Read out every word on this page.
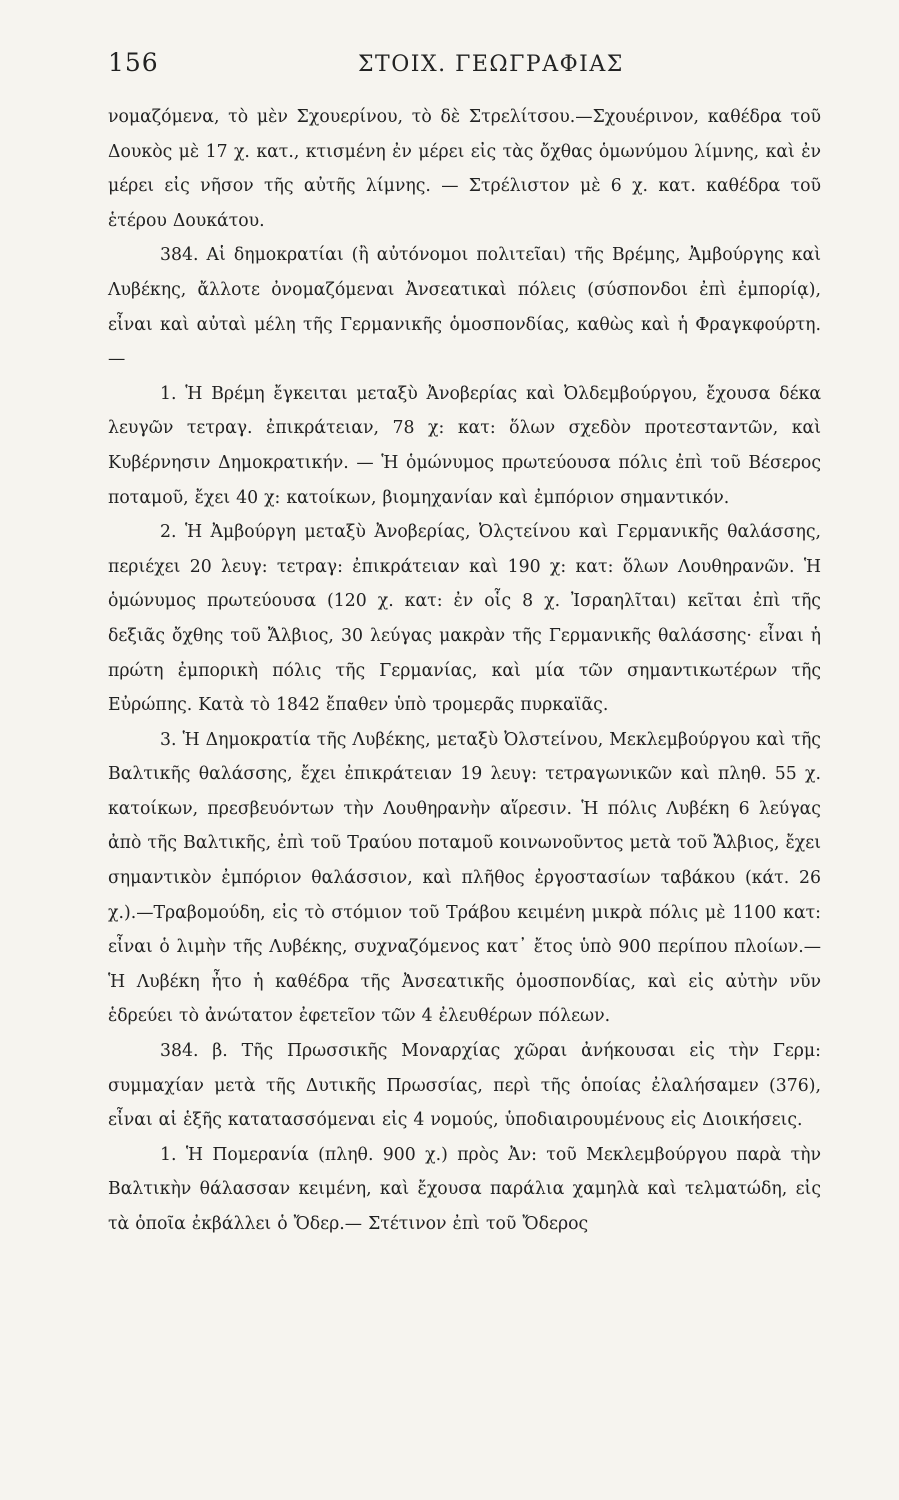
156	ΣΤΟΙΧ. ΓΕΩΓΡΑΦΙΑΣ

νομαζόμενα, τὸ μὲν Σχουερίνου, τὸ δὲ Στρελίτσου.—Σχουέρινον, καθέδρα τοῦ Δουκὸς μὲ 17 χ. κατ., κτισμένη ἐν μέρει εἰς τὰς ὄχθας ὁμωνύμου λίμνης, καὶ ἐν μέρει εἰς νῆσον τῆς αὐτῆς λίμνης. — Στρέλιστον μὲ 6 χ. κατ. καθέδρα τοῦ ἑτέρου Δουκάτου.

384. Αἱ δημοκρατίαι (ἢ αὐτόνομοι πολιτεῖαι) τῆς Βρέμης, Ἀμβούργης καὶ Λυβέκης, ἄλλοτε ὀνομαζόμεναι Ἀνσεατικαὶ πόλεις (σύσπονδοι ἐπὶ ἐμπορίᾳ), εἶναι καὶ αὐταὶ μέλη τῆς Γερμανικῆς ὁμοσπονδίας, καθὼς καὶ ἡ Φραγκφούρτη.—

1. Ἡ Βρέμη ἔγκειται μεταξὺ Ἀνοβερίας καὶ Ὀλδεμβούργου, ἔχουσα δέκα λευγῶν τετραγ. ἐπικράτειαν, 78 χ: κατ: ὅλων σχεδὸν προτεσταντῶν, καὶ Κυβέρνησιν Δημοκρατικήν. — Ἡ ὁμώνυμος πρωτεύουσα πόλις ἐπὶ τοῦ Βέσερος ποταμοῦ, ἔχει 40 χ: κατοίκων, βιομηχανίαν καὶ ἐμπόριον σημαντικόν.

2. Ἡ Ἀμβούργη μεταξὺ Ἀνοβερίας, Ὀλςτείνου καὶ Γερμανικῆς θαλάσσης, περιέχει 20 λευγ: τετραγ: ἐπικράτειαν καὶ 190 χ: κατ: ὅλων Λουθηρανῶν. Ἡ ὁμώνυμος πρωτεύουσα (120 χ. κατ: ἐν οἷς 8 χ. Ἰσραηλῖται) κεῖται ἐπὶ τῆς δεξιᾶς ὄχθης τοῦ Ἄλβιος, 30 λεύγας μακρὰν τῆς Γερμανικῆς θαλάσσης· εἶναι ἡ πρώτη ἐμπορικὴ πόλις τῆς Γερμανίας, καὶ μία τῶν σημαντικωτέρων τῆς Εὐρώπης. Κατὰ τὸ 1842 ἔπαθεν ὑπὸ τρομερᾶς πυρκαϊᾶς.

3. Ἡ Δημοκρατία τῆς Λυβέκης, μεταξὺ Ὀλστείνου, Μεκλεμβούργου καὶ τῆς Βαλτικῆς θαλάσσης, ἔχει ἐπικράτειαν 19 λευγ: τετραγωνικῶν καὶ πληθ. 55 χ. κατοίκων, πρεσβευόντων τὴν Λουθηρανὴν αἵρεσιν. Ἡ πόλις Λυβέκη 6 λεύγας ἀπὸ τῆς Βαλτικῆς, ἐπὶ τοῦ Τραύου ποταμοῦ κοινωνοῦντος μετὰ τοῦ Ἄλβιος, ἔχει σημαντικὸν ἐμπόριον θαλάσσιον, καὶ πλῆθος ἐργοστασίων ταβάκου (κάτ. 26 χ.).—Τραβομούδη, εἰς τὸ στόμιον τοῦ Τράβου κειμένη μικρὰ πόλις μὲ 1100 κατ: εἶναι ὁ λιμὴν τῆς Λυβέκης, συχναζόμενος κατ᾽ ἔτος ὑπὸ 900 περίπου πλοίων.— Ἡ Λυβέκη ἦτο ἡ καθέδρα τῆς Ἀνσεατικῆς ὁμοσπονδίας, καὶ εἰς αὐτὴν νῦν ἑδρεύει τὸ ἀνώτατον ἐφετεῖον τῶν 4 ἐλευθέρων πόλεων.

384. β. Τῆς Πρωσσικῆς Μοναρχίας χῶραι ἀνήκουσαι εἰς τὴν Γερμ: συμμαχίαν μετὰ τῆς Δυτικῆς Πρωσσίας, περὶ τῆς ὁποίας ἐλαλήσαμεν (376), εἶναι αἱ ἑξῆς κατατασσόμεναι εἰς 4 νομούς, ὑποδιαιρουμένους εἰς Διοικήσεις.

1. Ἡ Πομερανία (πληθ. 900 χ.) πρὸς Ἀν: τοῦ Μεκλεμβούργου παρὰ τὴν Βαλτικὴν θάλασσαν κειμένη, καὶ ἔχουσα παράλια χαμηλὰ καὶ τελματώδη, εἰς τὰ ὁποῖα ἐκβάλλει ὁ Ὄδερ.— Στέτινον ἐπὶ τοῦ Ὄδερος
